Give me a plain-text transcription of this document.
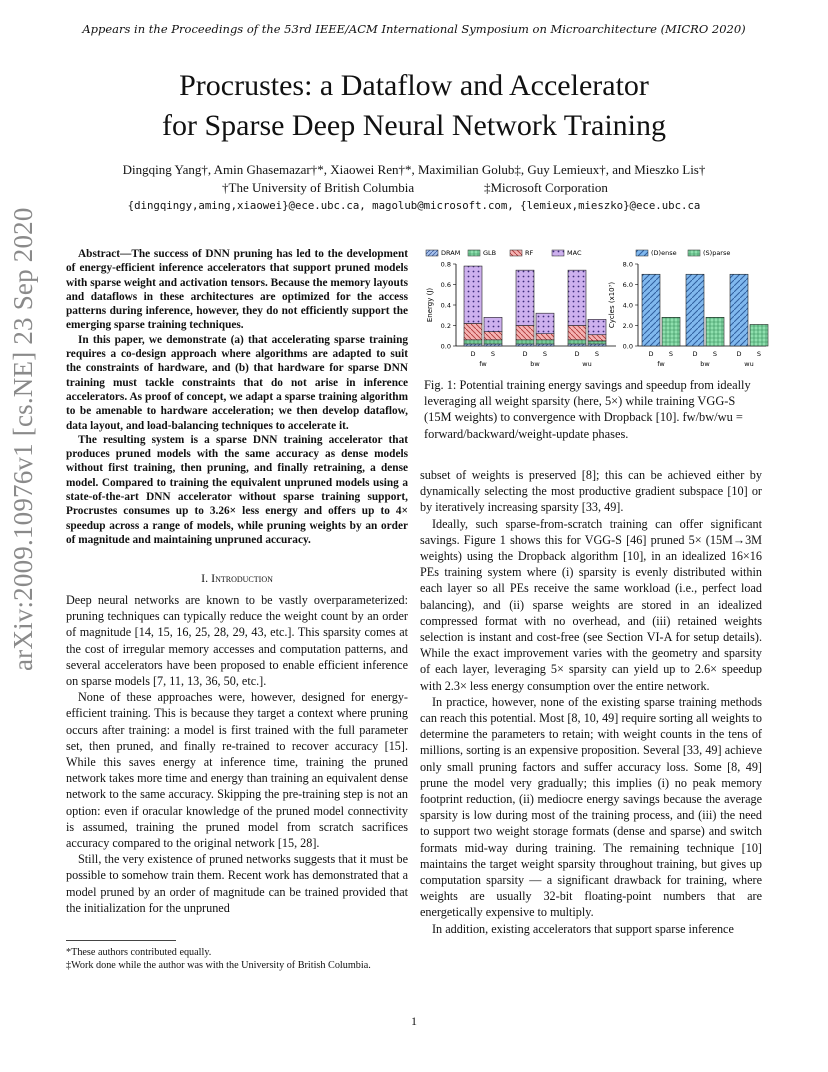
Appears in the Proceedings of the 53rd IEEE/ACM International Symposium on Microarchitecture (MICRO 2020)
Procrustes: a Dataflow and Accelerator
for Sparse Deep Neural Network Training
Dingqing Yang†, Amin Ghasemazar†*, Xiaowei Ren†*, Maximilian Golub‡, Guy Lemieux†, and Mieszko Lis†
†The University of British Columbia	‡Microsoft Corporation
{dingqingy,aming,xiaowei}@ece.ubc.ca, magolub@microsoft.com, {lemieux,mieszko}@ece.ubc.ca
arXiv:2009.10976v1 [cs.NE] 23 Sep 2020	Abstract—The success of DNN pruning has led to the development of energy-efficient inference accelerators that support pruned models with sparse weight and activation tensors. Because the memory layouts and dataflows in these architectures are optimized for the access patterns during inference, however, they do not efficiently support the emerging sparse training techniques.

In this paper, we demonstrate (a) that accelerating sparse training requires a co-design approach where algorithms are adapted to suit the constraints of hardware, and (b) that hardware for sparse DNN training must tackle constraints that do not arise in inference accelerators. As proof of concept, we adapt a sparse training algorithm to be amenable to hardware acceleration; we then develop dataflow, data layout, and load-balancing techniques to accelerate it.

The resulting system is a sparse DNN training accelerator that produces pruned models with the same accuracy as dense models without first training, then pruning, and finally retraining, a dense model. Compared to training the equivalent unpruned models using a state-of-the-art DNN accelerator without sparse training support, Procrustes consumes up to 3.26× less energy and offers up to 4× speedup across a range of models, while pruning weights by an order of magnitude and maintaining unpruned accuracy.

I. Introduction

Deep neural networks are known to be vastly overparameterized: pruning techniques can typically reduce the weight count by an order of magnitude [14, 15, 16, 25, 28, 29, 43, etc.]. This sparsity comes at the cost of irregular memory accesses and computation patterns, and several accelerators have been proposed to enable efficient inference on sparse models [7, 11, 13, 36, 50, etc.].

None of these approaches were, however, designed for energy-efficient training. This is because they target a context where pruning occurs after training: a model is first trained with the full parameter set, then pruned, and finally re-trained to recover accuracy [15]. While this saves energy at inference time, training the pruned network takes more time and energy than training an equivalent dense network to the same accuracy. Skipping the pre-training step is not an option: even if oracular knowledge of the pruned model connectivity is assumed, training the pruned model from scratch sacrifices accuracy compared to the original network [15, 28].

Still, the very existence of pruned networks suggests that it must be possible to somehow train them. Recent work has demonstrated that a model pruned by an order of magnitude can be trained provided that the initialization for the unpruned

*These authors contributed equally.
‡Work done while the author was with the University of British Columbia.
DRAM	GLB	RF	MAC	(D)ense	(S)parse
0.0
0.2
0.4
0.6
0.8
Energy (J)
D S	D S	D S
fw	bw	wu
0.0
2.0
4.0
6.0
8.0
Cycles (x10⁷)
D S	D S	D S
fw	bw	wu
Fig. 1: Potential training energy savings and speedup from ideally leveraging all weight sparsity (here, 5×) while training VGG-S (15M weights) to convergence with Dropback [10]. fw/bw/wu = forward/backward/weight-update phases.

subset of weights is preserved [8]; this can be achieved either by dynamically selecting the most productive gradient subspace [10] or by iteratively increasing sparsity [33, 49].

Ideally, such sparse-from-scratch training can offer significant savings. Figure 1 shows this for VGG-S [46] pruned 5× (15M→3M weights) using the Dropback algorithm [10], in an idealized 16×16 PEs training system where (i) sparsity is evenly distributed within each layer so all PEs receive the same workload (i.e., perfect load balancing), and (ii) sparse weights are stored in an idealized compressed format with no overhead, and (iii) retained weights selection is instant and cost-free (see Section VI-A for setup details). While the exact improvement varies with the geometry and sparsity of each layer, leveraging 5× sparsity can yield up to 2.6× speedup with 2.3× less energy consumption over the entire network.

In practice, however, none of the existing sparse training methods can reach this potential. Most [8, 10, 49] require sorting all weights to determine the parameters to retain; with weight counts in the tens of millions, sorting is an expensive proposition. Several [33, 49] achieve only small pruning factors and suffer accuracy loss. Some [8, 49] prune the model very gradually; this implies (i) no peak memory footprint reduction, (ii) mediocre energy savings because the average sparsity is low during most of the training process, and (iii) the need to support two weight storage formats (dense and sparse) and switch formats mid-way during training. The remaining technique [10] maintains the target weight sparsity throughout training, but gives up computation sparsity — a significant drawback for training, where weights are usually 32-bit floating-point numbers that are energetically expensive to multiply.

In addition, existing accelerators that support sparse inference

1
